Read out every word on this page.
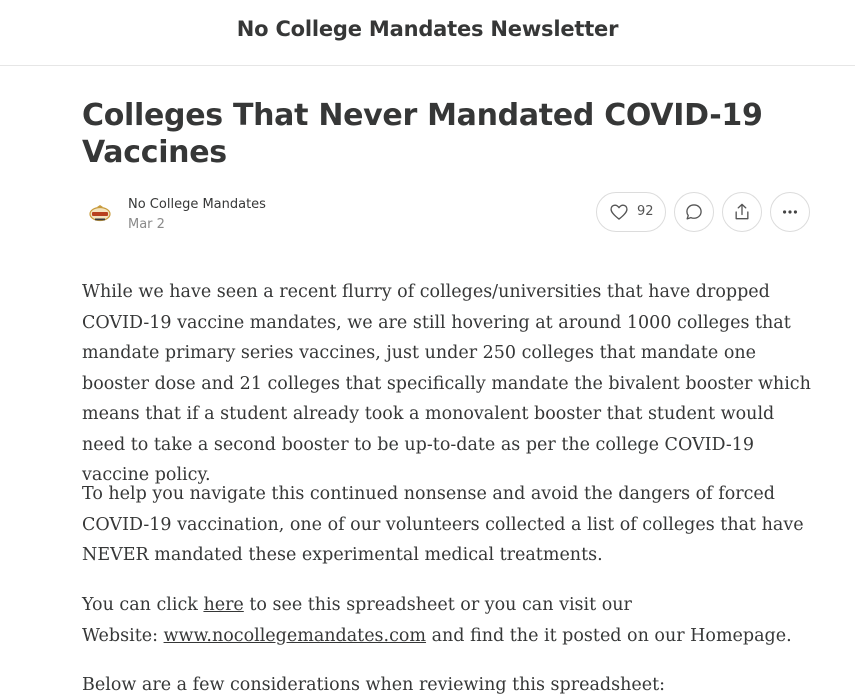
No College Mandates Newsletter
Colleges That Never Mandated COVID-19 Vaccines
No College Mandates
Mar 2
92

While we have seen a recent flurry of colleges/universities that have dropped COVID-19 vaccine mandates, we are still hovering at around 1000 colleges that mandate primary series vaccines, just under 250 colleges that mandate one booster dose and 21 colleges that specifically mandate the bivalent booster which means that if a student already took a monovalent booster that student would need to take a second booster to be up-to-date as per the college COVID-19 vaccine policy.

To help you navigate this continued nonsense and avoid the dangers of forced COVID-19 vaccination, one of our volunteers collected a list of colleges that have NEVER mandated these experimental medical treatments.

You can click here to see this spreadsheet or you can visit our
Website: www.nocollegemandates.com and find the it posted on our Homepage.

Below are a few considerations when reviewing this spreadsheet:
